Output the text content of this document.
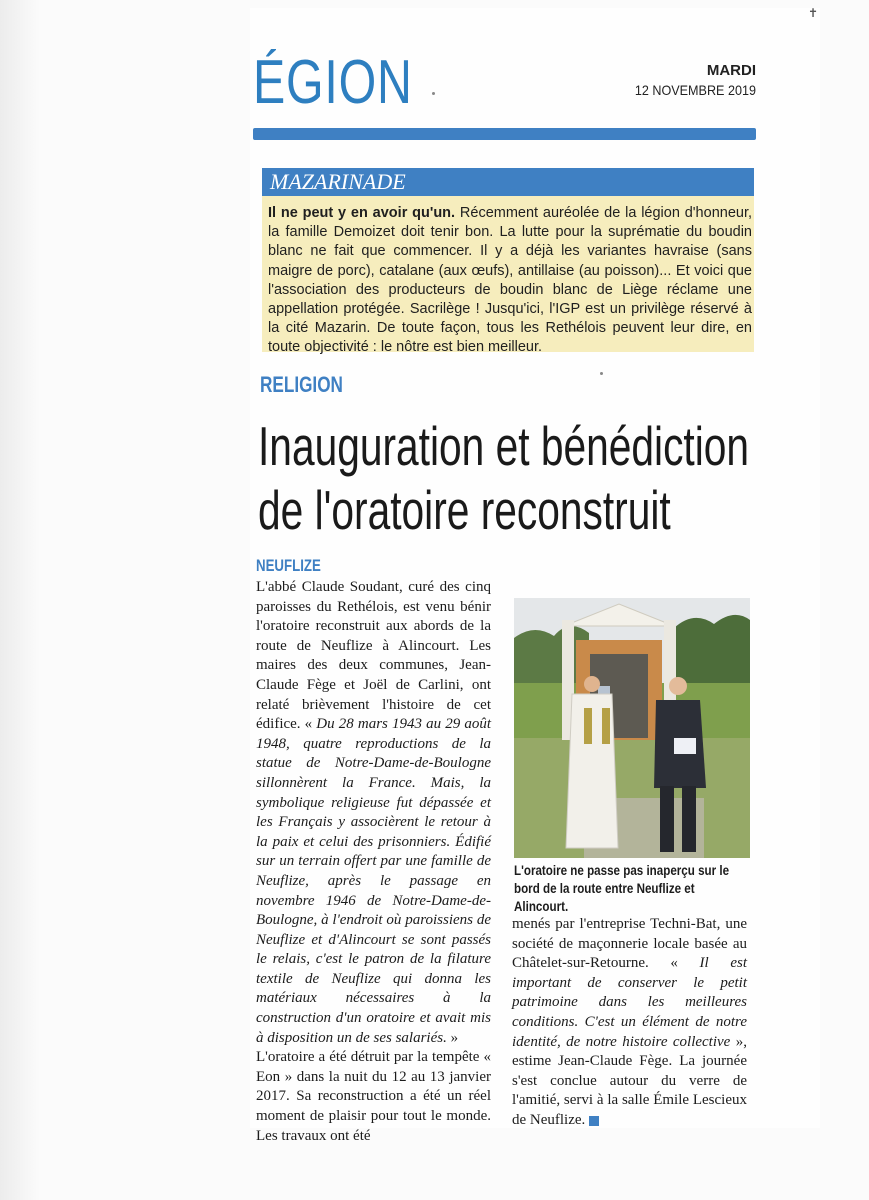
✝
ÉGION	MARDI
12 NOVEMBRE 2019
MAZARINADE
Il ne peut y en avoir qu'un. Récemment auréolée de la légion d'honneur, la famille Demoizet doit tenir bon. La lutte pour la suprématie du boudin blanc ne fait que commencer. Il y a déjà les variantes havraise (sans maigre de porc), catalane (aux œufs), antillaise (au poisson)... Et voici que l'association des producteurs de boudin blanc de Liège réclame une appellation protégée. Sacrilège ! Jusqu'ici, l'IGP est un privilège réservé à la cité Mazarin. De toute façon, tous les Rethélois peuvent leur dire, en toute objectivité : le nôtre est bien meilleur.
RELIGION
Inauguration et bénédiction
de l'oratoire reconstruit
NEUFLIZE

L'abbé Claude Soudant, curé des cinq paroisses du Rethélois, est venu bénir l'oratoire reconstruit aux abords de la route de Neuflize à Alincourt. Les maires des deux communes, Jean-Claude Fège et Joël de Carlini, ont relaté brièvement l'histoire de cet édifice. « Du 28 mars 1943 au 29 août 1948, quatre reproductions de la statue de Notre-Dame-de-Boulogne sillonnèrent la France. Mais, la symbolique religieuse fut dépassée et les Français y associèrent le retour à la paix et celui des prisonniers. Édifié sur un terrain offert par une famille de Neuflize, après le passage en novembre 1946 de Notre-Dame-de-Boulogne, à l'endroit où paroissiens de Neuflize et d'Alincourt se sont passés le relais, c'est le patron de la filature textile de Neuflize qui donna les matériaux nécessaires à la construction d'un oratoire et avait mis à disposition un de ses salariés. »

L'oratoire a été détruit par la tempête « Eon » dans la nuit du 12 au 13 janvier 2017. Sa reconstruction a été un réel moment de plaisir pour tout le monde. Les travaux ont été

L'oratoire ne passe pas inaperçu sur le bord de la route entre Neuflize et Alincourt.

menés par l'entreprise Techni-Bat, une société de maçonnerie locale basée au Châtelet-sur-Retourne. « Il est important de conserver le petit patrimoine dans les meilleures conditions. C'est un élément de notre identité, de notre histoire collective », estime Jean-Claude Fège. La journée s'est conclue autour du verre de l'amitié, servi à la salle Émile Lescieux de Neuflize.
